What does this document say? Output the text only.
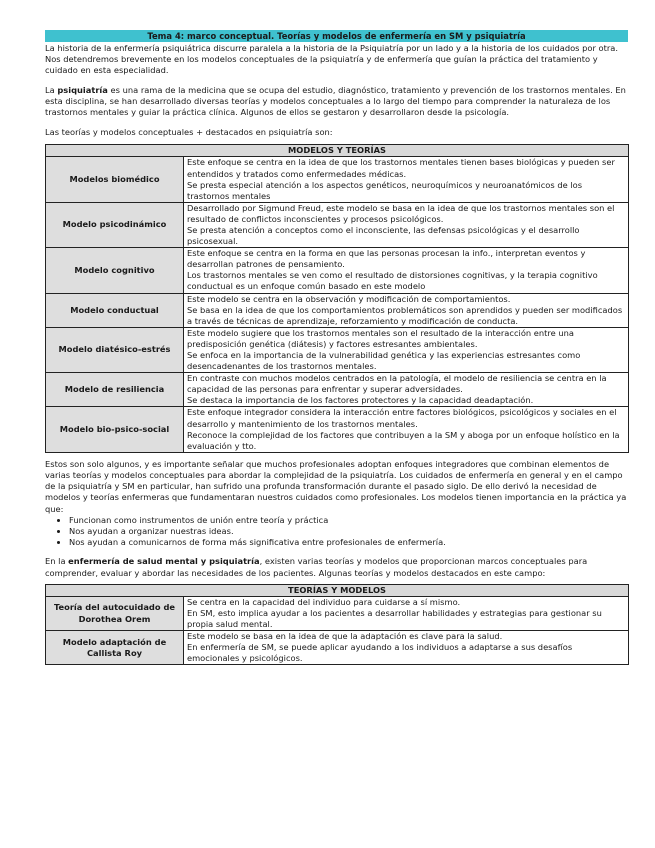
Tema 4: marco conceptual. Teorías y modelos de enfermería en SM y psiquiatría

La historia de la enfermería psiquiátrica discurre paralela a la historia de la Psiquiatría por un lado y a la historia de los cuidados por otra. Nos detendremos brevemente en los modelos conceptuales de la psiquiatría y de enfermería que guían la práctica del tratamiento y cuidado en esta especialidad.

La psiquiatría es una rama de la medicina que se ocupa del estudio, diagnóstico, tratamiento y prevención de los trastornos mentales. En esta disciplina, se han desarrollado diversas teorías y modelos conceptuales a lo largo del tiempo para comprender la naturaleza de los trastornos mentales y guiar la práctica clínica. Algunos de ellos se gestaron y desarrollaron desde la psicología.

Las teorías y modelos conceptuales + destacados en psiquiatría son:

MODELOS Y TEORÍAS	
Modelos biomédico	Este enfoque se centra en la idea de que los trastornos mentales tienen bases biológicas y pueden ser entendidos y tratados como enfermedades médicas.
Se presta especial atención a los aspectos genéticos, neuroquímicos y neuroanatómicos de los trastornos mentales
Modelo psicodinámico	Desarrollado por Sigmund Freud, este modelo se basa en la idea de que los trastornos mentales son el resultado de conflictos inconscientes y procesos psicológicos.
Se presta atención a conceptos como el inconsciente, las defensas psicológicas y el desarrollo psicosexual.
Modelo cognitivo	Este enfoque se centra en la forma en que las personas procesan la info., interpretan eventos y desarrollan patrones de pensamiento.
Los trastornos mentales se ven como el resultado de distorsiones cognitivas, y la terapia cognitivo conductual es un enfoque común basado en este modelo
Modelo conductual	Este modelo se centra en la observación y modificación de comportamientos.
Se basa en la idea de que los comportamientos problemáticos son aprendidos y pueden ser modificados a través de técnicas de aprendizaje, reforzamiento y modificación de conducta.
Modelo diatésico-estrés	Este modelo sugiere que los trastornos mentales son el resultado de la interacción entre una predisposición genética (diátesis) y factores estresantes ambientales.
Se enfoca en la importancia de la vulnerabilidad genética y las experiencias estresantes como desencadenantes de los trastornos mentales.
Modelo de resiliencia	En contraste con muchos modelos centrados en la patología, el modelo de resiliencia se centra en la capacidad de las personas para enfrentar y superar adversidades.
Se destaca la importancia de los factores protectores y la capacidad deadaptación.
Modelo bio-psico-social	Este enfoque integrador considera la interacción entre factores biológicos, psicológicos y sociales en el desarrollo y mantenimiento de los trastornos mentales.
Reconoce la complejidad de los factores que contribuyen a la SM y aboga por un enfoque holístico en la evaluación y tto.

Estos son solo algunos, y es importante señalar que muchos profesionales adoptan enfoques integradores que combinan elementos de varias teorías y modelos conceptuales para abordar la complejidad de la psiquiatría. Los cuidados de enfermería en general y en el campo de la psiquiatría y SM en particular, han sufrido una profunda transformación durante el pasado siglo. De ello derivó la necesidad de modelos y teorías enfermeras que fundamentaran nuestros cuidados como profesionales. Los modelos tienen importancia en la práctica ya que:

• Funcionan como instrumentos de unión entre teoría y práctica
• Nos ayudan a organizar nuestras ideas.
• Nos ayudan a comunicarnos de forma más significativa entre profesionales de enfermería.

En la enfermería de salud mental y psiquiatría, existen varias teorías y modelos que proporcionan marcos conceptuales para comprender, evaluar y abordar las necesidades de los pacientes. Algunas teorías y modelos destacados en este campo:

TEORÍAS Y MODELOS	
Teoría del autocuidado de Dorothea Orem	Se centra en la capacidad del individuo para cuidarse a sí mismo.
En SM, esto implica ayudar a los pacientes a desarrollar habilidades y estrategias para gestionar su propia salud mental.
Modelo adaptación de Callista Roy	Este modelo se basa en la idea de que la adaptación es clave para la salud.
En enfermería de SM, se puede aplicar ayudando a los individuos a adaptarse a sus desafíos emocionales y psicológicos.
